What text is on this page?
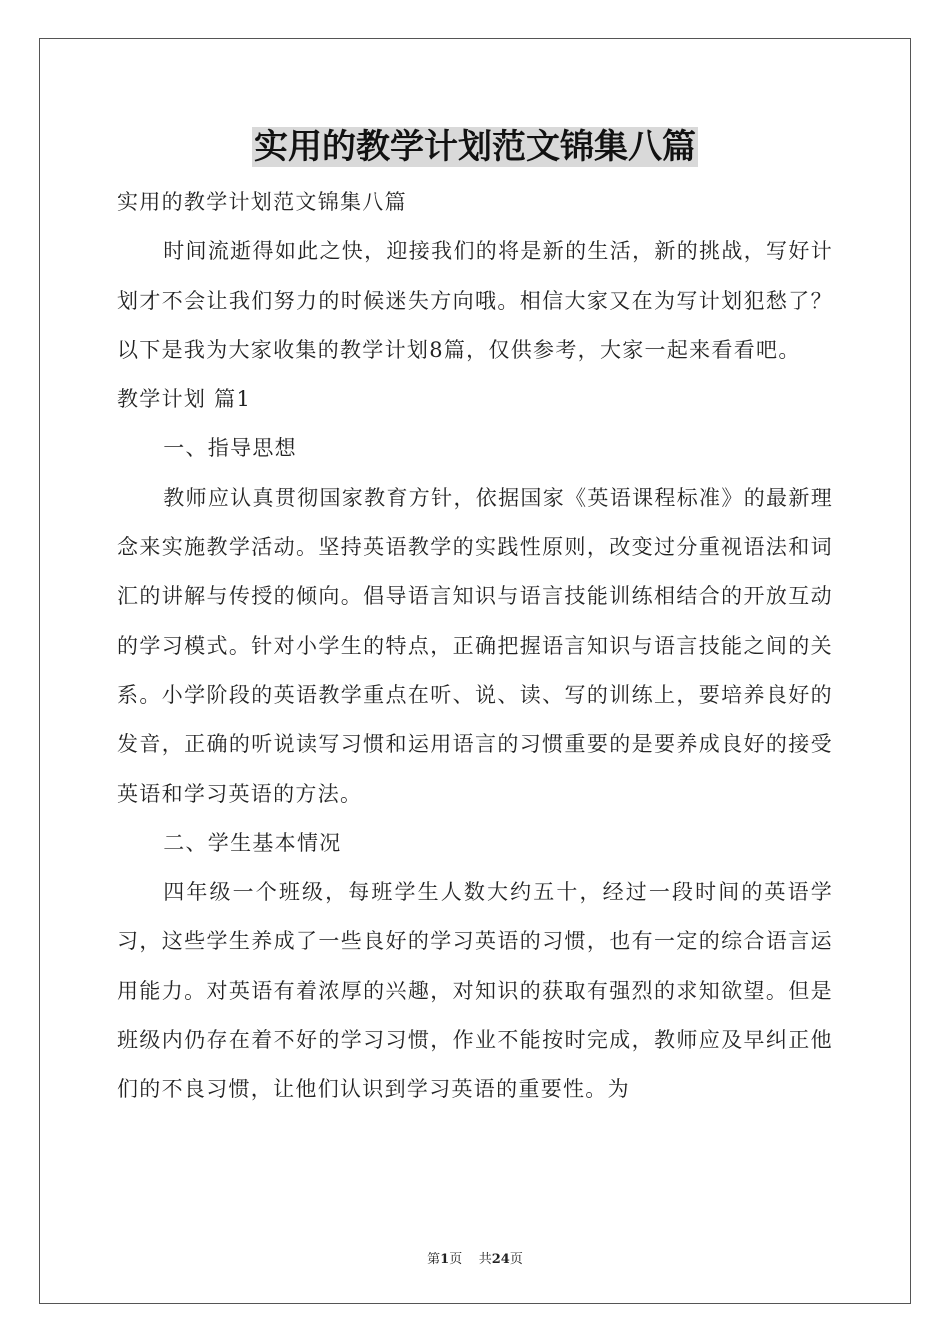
实用的教学计划范文锦集八篇

实用的教学计划范文锦集八篇

时间流逝得如此之快，迎接我们的将是新的生活，新的挑战，写好计划才不会让我们努力的时候迷失方向哦。相信大家又在为写计划犯愁了？以下是我为大家收集的教学计划8篇，仅供参考，大家一起来看看吧。

教学计划 篇1

一、指导思想

教师应认真贯彻国家教育方针，依据国家《英语课程标准》的最新理念来实施教学活动。坚持英语教学的实践性原则，改变过分重视语法和词汇的讲解与传授的倾向。倡导语言知识与语言技能训练相结合的开放互动的学习模式。针对小学生的特点，正确把握语言知识与语言技能之间的关系。小学阶段的英语教学重点在听、说、读、写的训练上，要培养良好的发音，正确的听说读写习惯和运用语言的习惯重要的是要养成良好的接受英语和学习英语的方法。

二、学生基本情况

四年级一个班级，每班学生人数大约五十，经过一段时间的英语学习，这些学生养成了一些良好的学习英语的习惯，也有一定的综合语言运用能力。对英语有着浓厚的兴趣，对知识的获取有强烈的求知欲望。但是班级内仍存在着不好的学习习惯，作业不能按时完成，教师应及早纠正他们的不良习惯，让他们认识到学习英语的重要性。为

第1页 共24页
